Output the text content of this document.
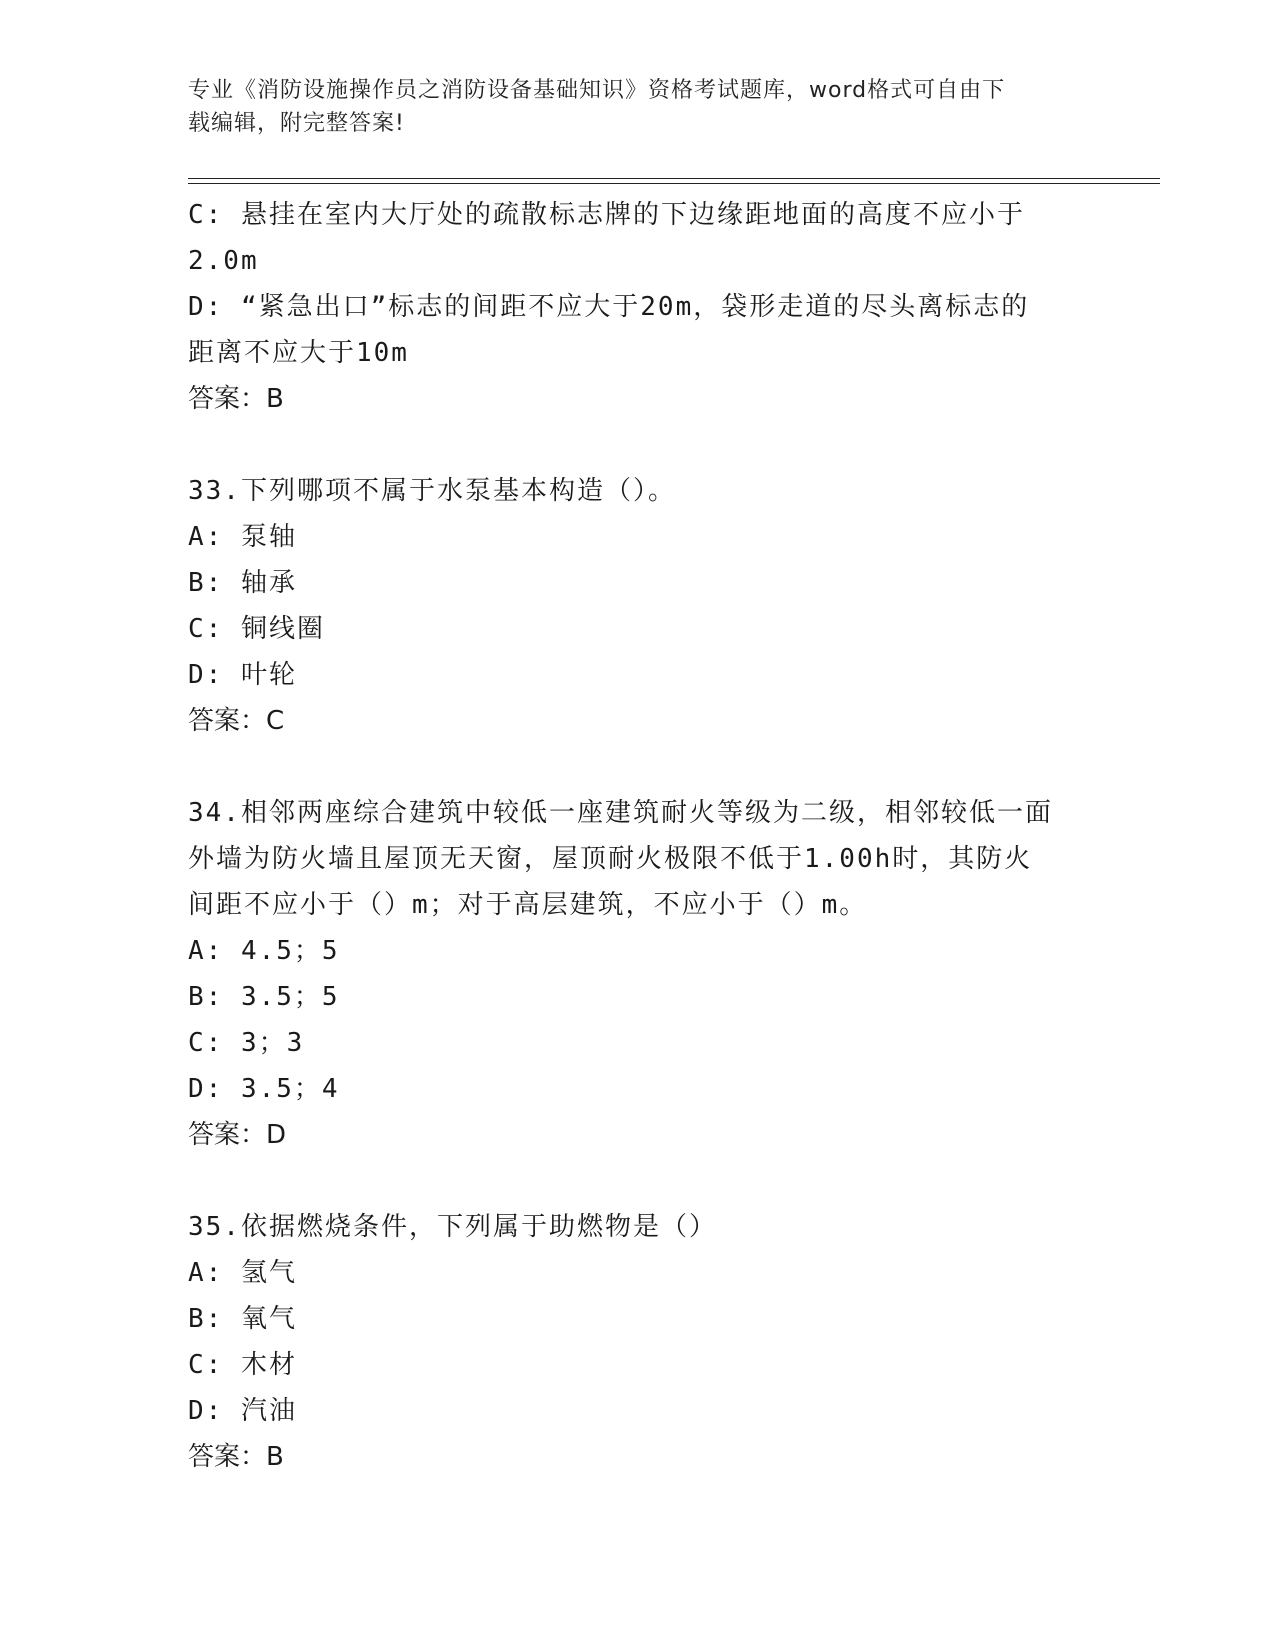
专业《消防设施操作员之消防设备基础知识》资格考试题库，word格式可自由下
载编辑，附完整答案!
C: 悬挂在室内大厅处的疏散标志牌的下边缘距地面的高度不应小于
2.0m
D: “紧急出口”标志的间距不应大于20m，袋形走道的尽头离标志的
距离不应大于10m
答案：B
33.下列哪项不属于水泵基本构造（）。
A: 泵轴
B: 轴承
C: 铜线圈
D: 叶轮
答案：C
34.相邻两座综合建筑中较低一座建筑耐火等级为二级，相邻较低一面
外墙为防火墙且屋顶无天窗，屋顶耐火极限不低于1.00h时，其防火
间距不应小于（）m；对于高层建筑，不应小于（）m。
A: 4.5；5
B: 3.5；5
C: 3；3
D: 3.5；4
答案：D
35.依据燃烧条件，下列属于助燃物是（）
A: 氢气
B: 氧气
C: 木材
D: 汽油
答案：B
